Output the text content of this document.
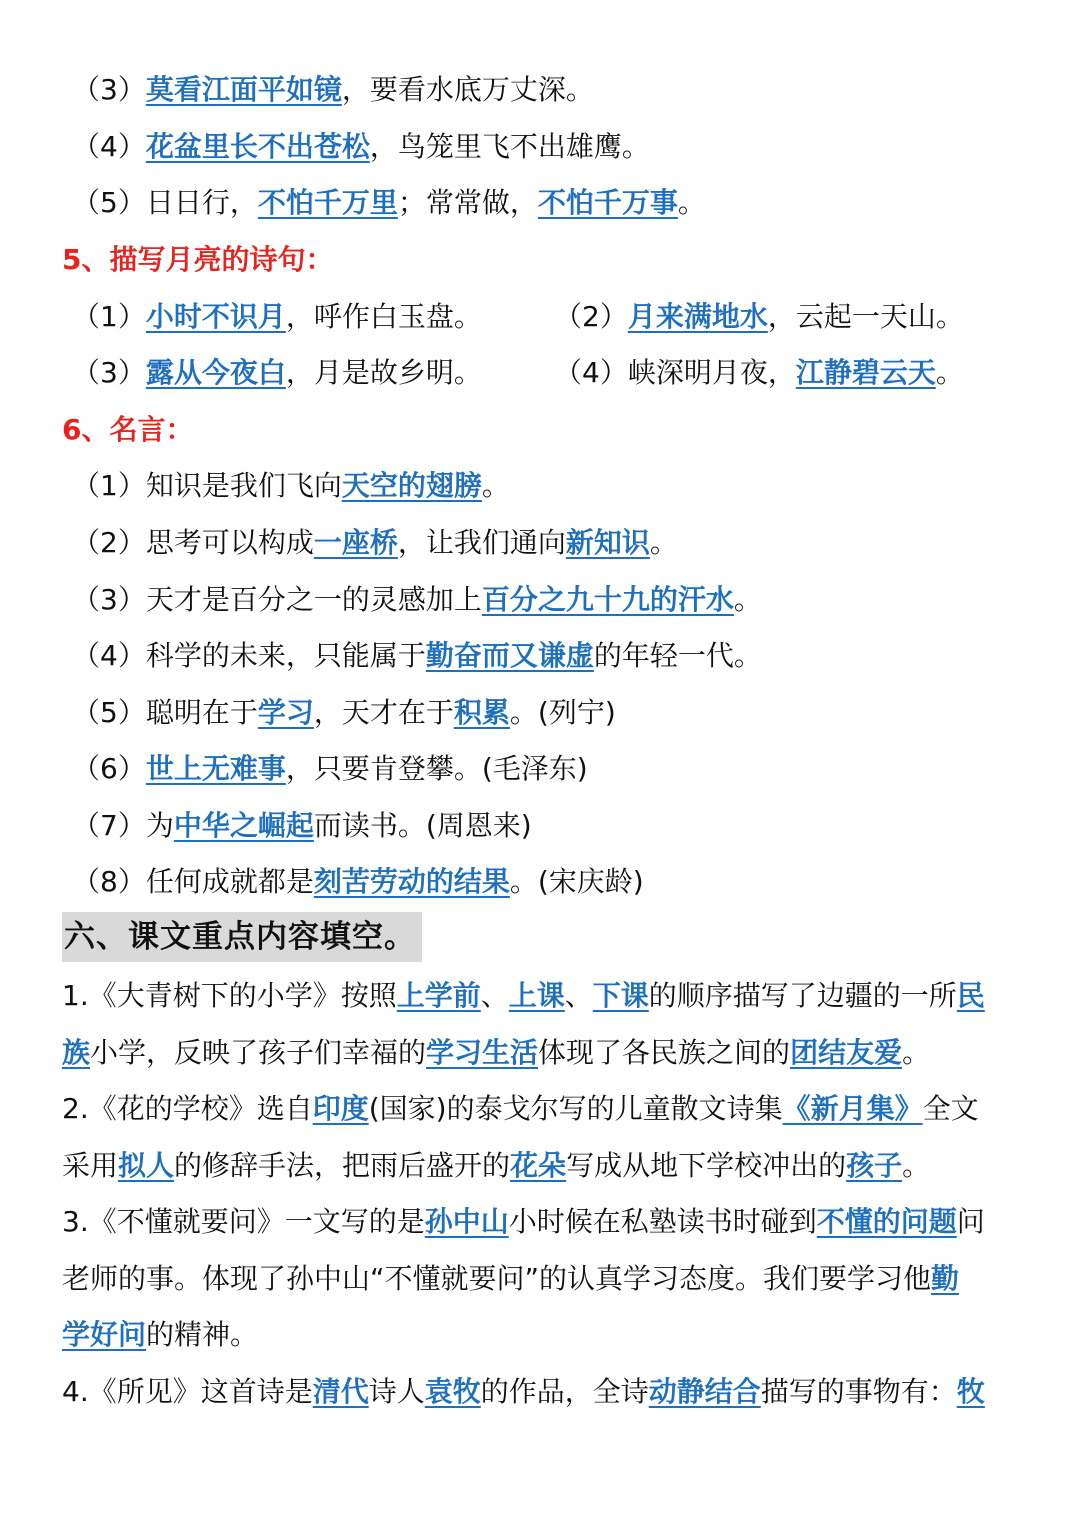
（3）莫看江面平如镜，要看水底万丈深。
（4）花盆里长不出苍松，鸟笼里飞不出雄鹰。
（5）日日行，不怕千万里；常常做，不怕千万事。
5、描写月亮的诗句：
（1）小时不识月，呼作白玉盘。	（2）月来满地水，云起一天山。
（3）露从今夜白，月是故乡明。	（4）峡深明月夜，江静碧云天。
6、名言：
（1）知识是我们飞向天空的翅膀。
（2）思考可以构成一座桥，让我们通向新知识。
（3）天才是百分之一的灵感加上百分之九十九的汗水。
（4）科学的未来，只能属于勤奋而又谦虚的年轻一代。
（5）聪明在于学习，天才在于积累。(列宁)
（6）世上无难事，只要肯登攀。(毛泽东)
（7）为中华之崛起而读书。(周恩来)
（8）任何成就都是刻苦劳动的结果。(宋庆龄)
六、课文重点内容填空。
1.《大青树下的小学》按照上学前、上课、下课的顺序描写了边疆的一所民
族小学，反映了孩子们幸福的学习生活体现了各民族之间的团结友爱。
2.《花的学校》选自印度(国家)的泰戈尔写的儿童散文诗集《新月集》全文
采用拟人的修辞手法，把雨后盛开的花朵写成从地下学校冲出的孩子。
3.《不懂就要问》一文写的是孙中山小时候在私塾读书时碰到不懂的问题问
老师的事。体现了孙中山“不懂就要问”的认真学习态度。我们要学习他勤
学好问的精神。
4.《所见》这首诗是清代诗人袁牧的作品，全诗动静结合描写的事物有：牧
